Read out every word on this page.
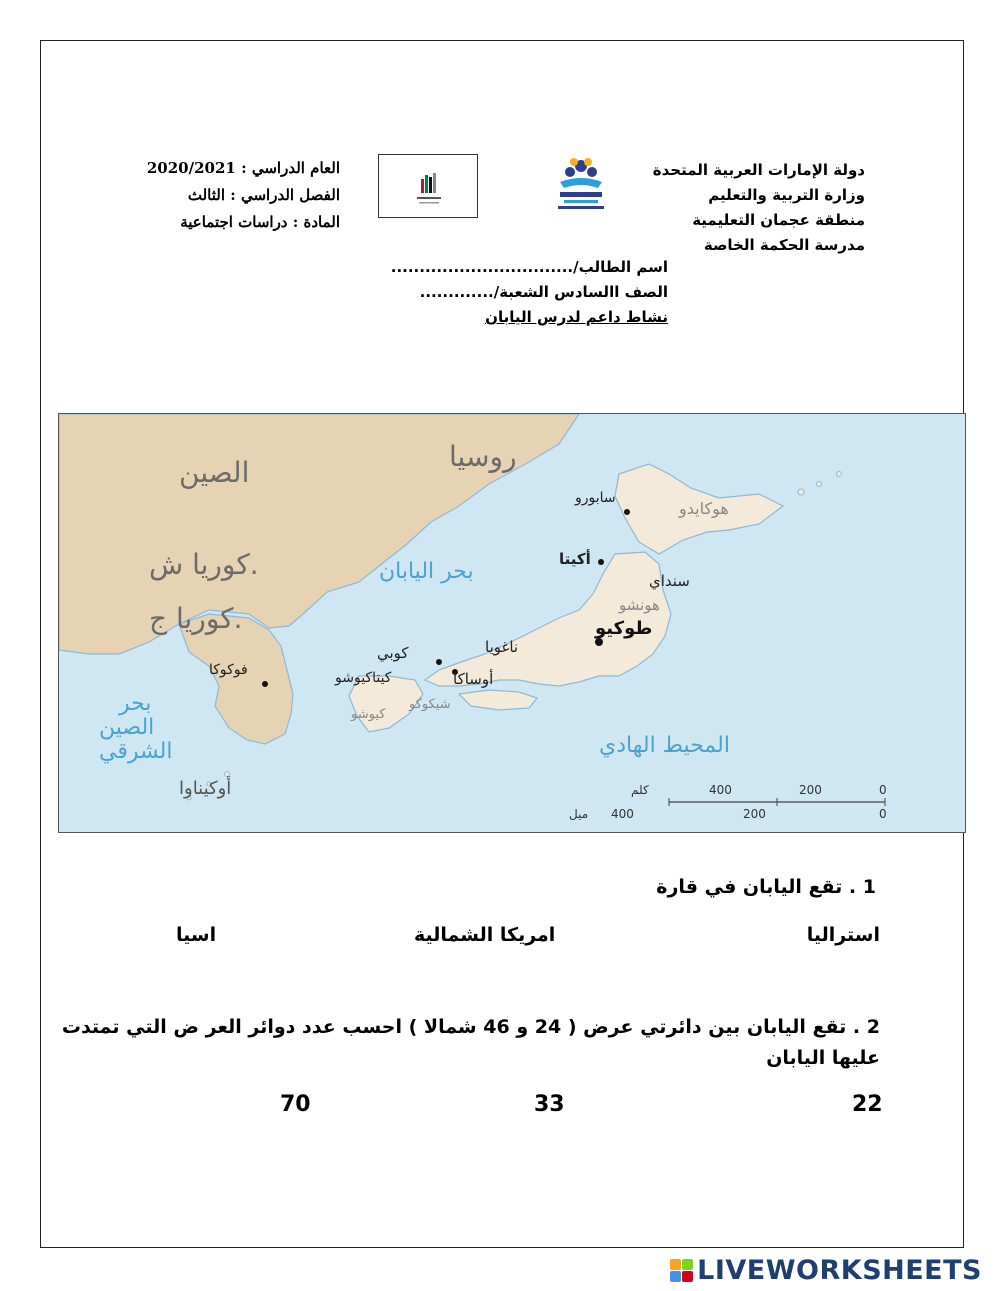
دولة الإمارات العربية المتحدة
وزارة التربية والتعليم
منطقة عجمان التعليمية
مدرسة الحكمة الخاصة
العام الدراسي : 2020/2021
الفصل الدراسي : الثالث
المادة : دراسات اجتماعية
اسم الطالب/................................
الصف االسادس الشعبة/.............
نشاط داعم لدرس اليابان
الصين	روسيا
كوريا ش.
كوريا ج.
بحر اليابان
بحر
الصين
الشرقي	المحيط الهادي
أوكيناوا
هوكايدو
سابورو
أكيتا
سنداي
هونشو
طوكيو
ناغويا
كوبي
أوساكا
كيتاكيوشو
فوكوكا
شيكوكو
كيوشو
0
200
400
كلم
0
200
400
ميل
1 . تقع اليابان في قارة
استراليا
امريكا الشمالية
اسيا
2 . تقع اليابان بين دائرتي عرض ( 24 و 46 شمالا ) احسب عدد دوائر العر ض التي تمتدت عليها اليابان
22
33
70
LIVEWORKSHEETS
